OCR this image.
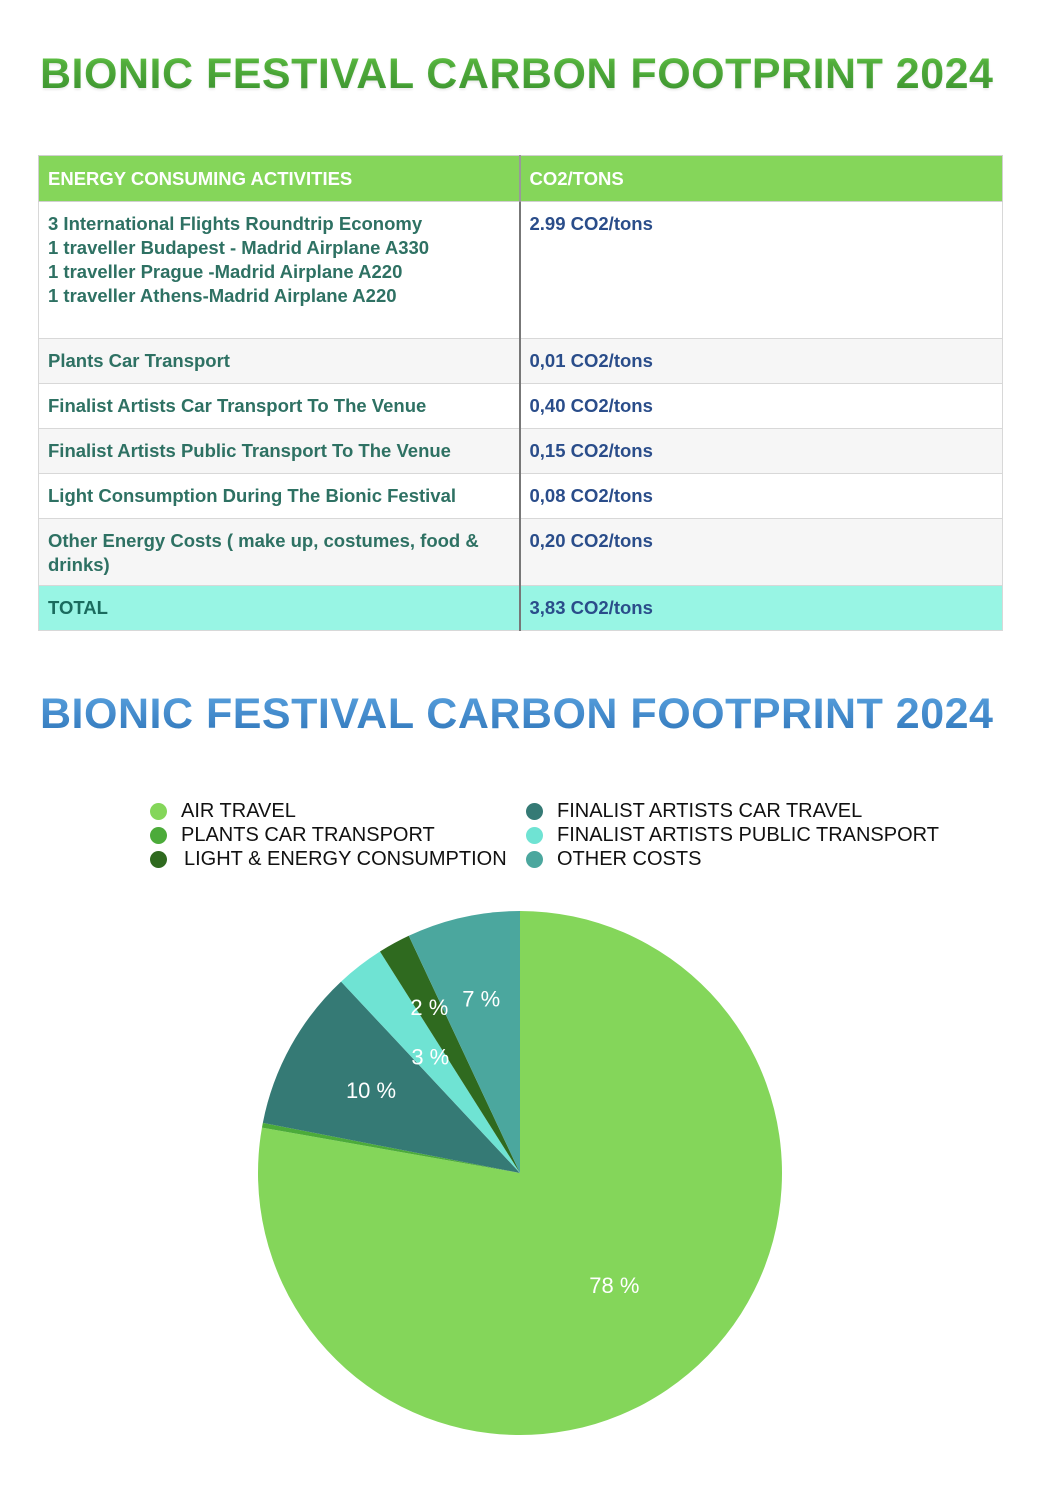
BIONIC FESTIVAL CARBON FOOTPRINT 2024
ENERGY CONSUMING ACTIVITIES	CO2/TONS

3 International Flights Roundtrip Economy
1 traveller Budapest - Madrid Airplane A330
1 traveller Prague -Madrid Airplane A220
1 traveller Athens-Madrid Airplane A220	2.99 CO2/tons
Plants Car Transport	0,01 CO2/tons
Finalist Artists Car Transport To The Venue	0,40 CO2/tons
Finalist Artists Public Transport To The Venue	0,15 CO2/tons
Light Consumption During The Bionic Festival	0,08 CO2/tons
Other Energy Costs ( make up, costumes, food & drinks)	0,20 CO2/tons
TOTAL	3,83 CO2/tons
BIONIC FESTIVAL CARBON FOOTPRINT 2024
AIR TRAVEL
PLANTS CAR TRANSPORT
LIGHT & ENERGY CONSUMPTION
FINALIST ARTISTS CAR TRAVEL
FINALIST ARTISTS PUBLIC TRANSPORT
OTHER COSTS
78 %
10 %
3 %
2 % 7 %
